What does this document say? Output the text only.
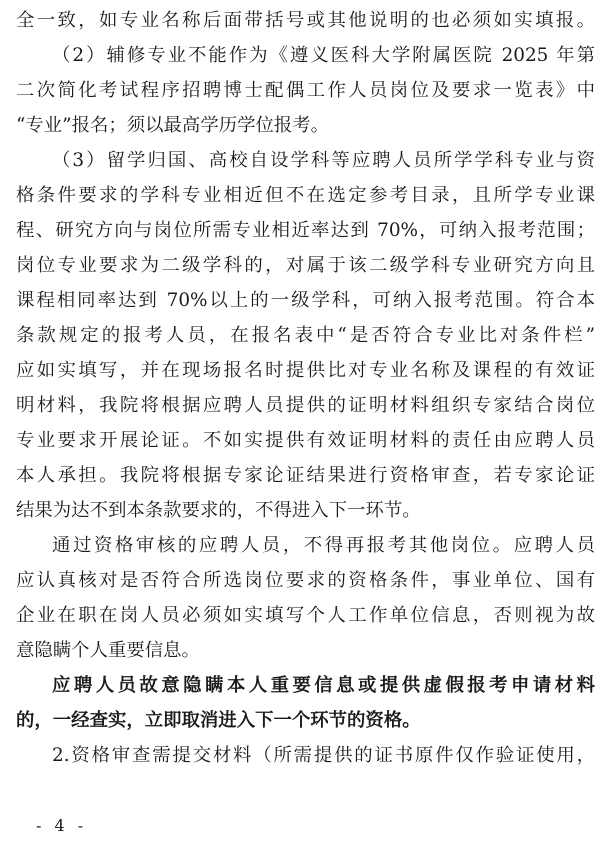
全一致，如专业名称后面带括号或其他说明的也必须如实填报。
（2）辅修专业不能作为《遵义医科大学附属医院 2025 年第
二次简化考试程序招聘博士配偶工作人员岗位及要求一览表》中
“专业”报名；须以最高学历学位报考。
（3）留学归国、高校自设学科等应聘人员所学学科专业与资
格条件要求的学科专业相近但不在选定参考目录，且所学专业课
程、研究方向与岗位所需专业相近率达到 70%，可纳入报考范围；
岗位专业要求为二级学科的，对属于该二级学科专业研究方向且
课程相同率达到 70%以上的一级学科，可纳入报考范围。符合本
条款规定的报考人员，在报名表中“是否符合专业比对条件栏”
应如实填写，并在现场报名时提供比对专业名称及课程的有效证
明材料，我院将根据应聘人员提供的证明材料组织专家结合岗位
专业要求开展论证。不如实提供有效证明材料的责任由应聘人员
本人承担。我院将根据专家论证结果进行资格审查，若专家论证
结果为达不到本条款要求的，不得进入下一环节。
通过资格审核的应聘人员，不得再报考其他岗位。应聘人员
应认真核对是否符合所选岗位要求的资格条件，事业单位、国有
企业在职在岗人员必须如实填写个人工作单位信息，否则视为故
意隐瞒个人重要信息。
应聘人员故意隐瞒本人重要信息或提供虚假报考申请材料
的，一经查实，立即取消进入下一个环节的资格。
2.资格审查需提交材料（所需提供的证书原件仅作验证使用，
- 4 -
